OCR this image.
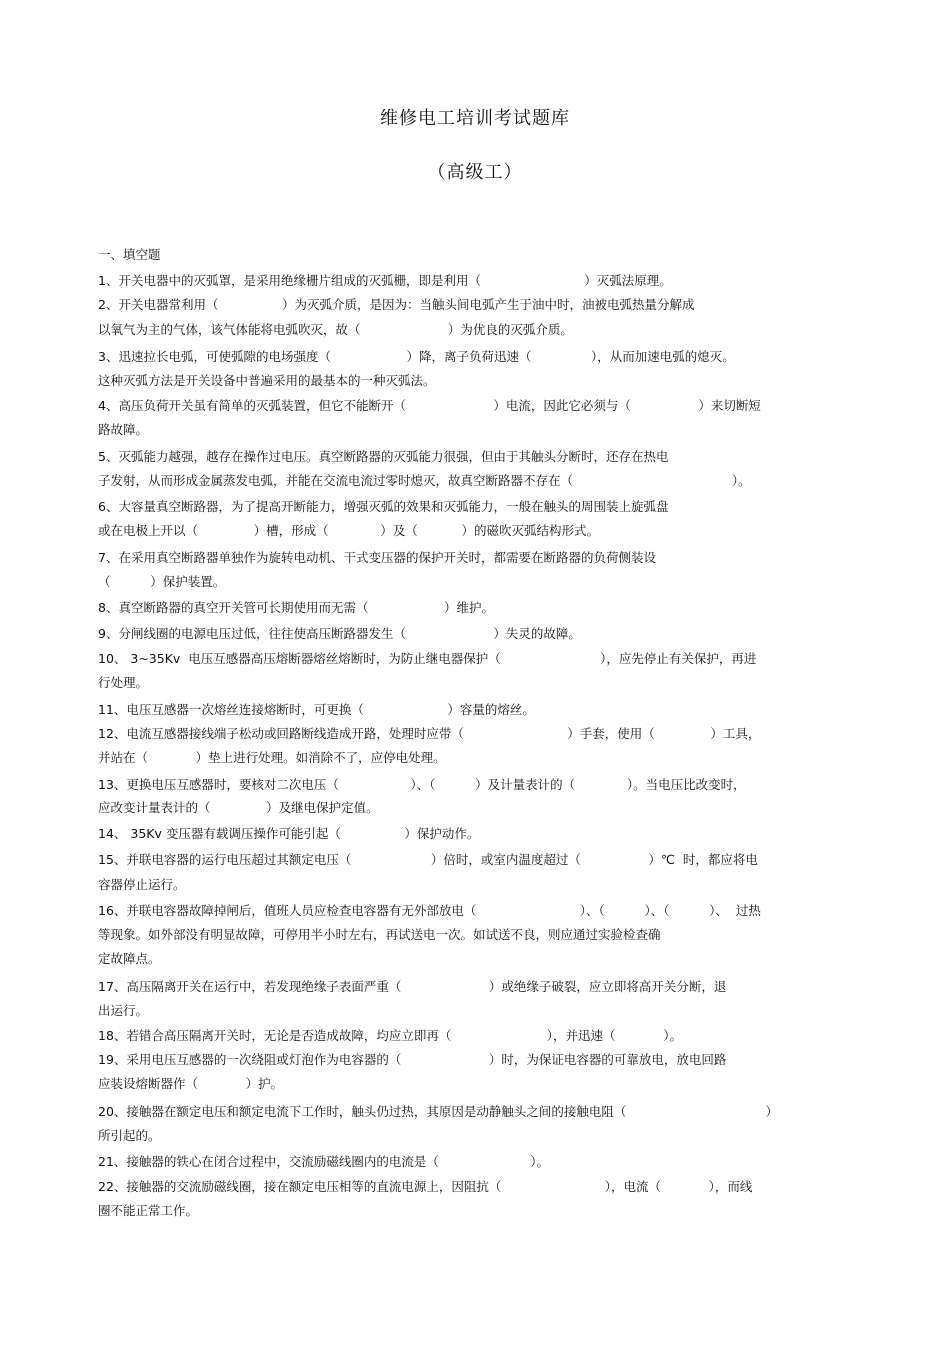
维修电工培训考试题库
（高级工）
一、填空题
1、开关电器中的灭弧罩，是采用绝缘栅片组成的灭弧栅，即是利用（                          ）灭弧法原理。
2、开关电器常利用（                ）为灭弧介质，是因为：当触头间电弧产生于油中时，油被电弧热量分解成
以氧气为主的气体，该气体能将电弧吹灭，故（                      ）为优良的灭弧介质。
3、迅速拉长电弧，可使弧隙的电场强度（                   ）降，离子负荷迅速（               ），从而加速电弧的熄灭。
这种灭弧方法是开关设备中普遍采用的最基本的一种灭弧法。
4、高压负荷开关虽有简单的灭弧装置，但它不能断开（                      ）电流，因此它必须与（                 ）来切断短
路故障。
5、灭弧能力越强，越存在操作过电压。真空断路器的灭弧能力很强，但由于其触头分断时，还存在热电
子发射，从而形成金属蒸发电弧，并能在交流电流过零时熄灭，故真空断路器不存在（                                        ）。
6、大容量真空断路器，为了提高开断能力，增强灭弧的效果和灭弧能力，一般在触头的周围装上旋弧盘
或在电极上开以（              ）槽，形成（             ）及（           ）的磁吹灭弧结构形式。
7、在采用真空断路器单独作为旋转电动机、干式变压器的保护开关时，都需要在断路器的负荷侧装设
（          ）保护装置。
8、真空断路器的真空开关管可长期使用而无需（                   ）维护。
9、分闸线圈的电源电压过低，往往使高压断路器发生（                      ）失灵的故障。
10、 3~35Kv  电压互感器高压熔断器熔丝熔断时，为防止继电器保护（                         ），应先停止有关保护，再进
行处理。
11、电压互感器一次熔丝连接熔断时，可更换（                     ）容量的熔丝。
12、电流互感器接线端子松动或回路断线造成开路，处理时应带（                          ）手套，使用（              ）工具，
并站在（            ）垫上进行处理。如消除不了，应停电处理。
13、更换电压互感器时，要核对二次电压（                  ）、（          ）及计量表计的（             ）。当电压比改变时，
应改变计量表计的（              ）及继电保护定值。
14、 35Kv 变压器有载调压操作可能引起（                ）保护动作。
15、并联电容器的运行电压超过其额定电压（                    ）倍时，或室内温度超过（                 ）℃  时，都应将电
容器停止运行。
16、并联电容器故障掉闸后，值班人员应检查电容器有无外部放电（                          ）、（          ）、（          ）、  过热
等现象。如外部没有明显故障，可停用半小时左右，再试送电一次。如试送不良，则应通过实验检查确
定故障点。
17、高压隔离开关在运行中，若发现绝缘子表面严重（                      ）或绝缘子破裂，应立即将高开关分断，退
出运行。
18、若错合高压隔离开关时，无论是否造成故障，均应立即再（                        ），并迅速（            ）。
19、采用电压互感器的一次绕阻或灯泡作为电容器的（                      ）时，为保证电容器的可靠放电，放电回路
应装设熔断器作（            ）护。
20、接触器在额定电压和额定电流下工作时，触头仍过热，其原因是动静触头之间的接触电阻（                                   ）
所引起的。
21、接触器的铁心在闭合过程中，交流励磁线圈内的电流是（                       ）。
22、接触器的交流励磁线圈，接在额定电压相等的直流电源上，因阻抗（                          ），电流（            ），而线
圈不能正常工作。
